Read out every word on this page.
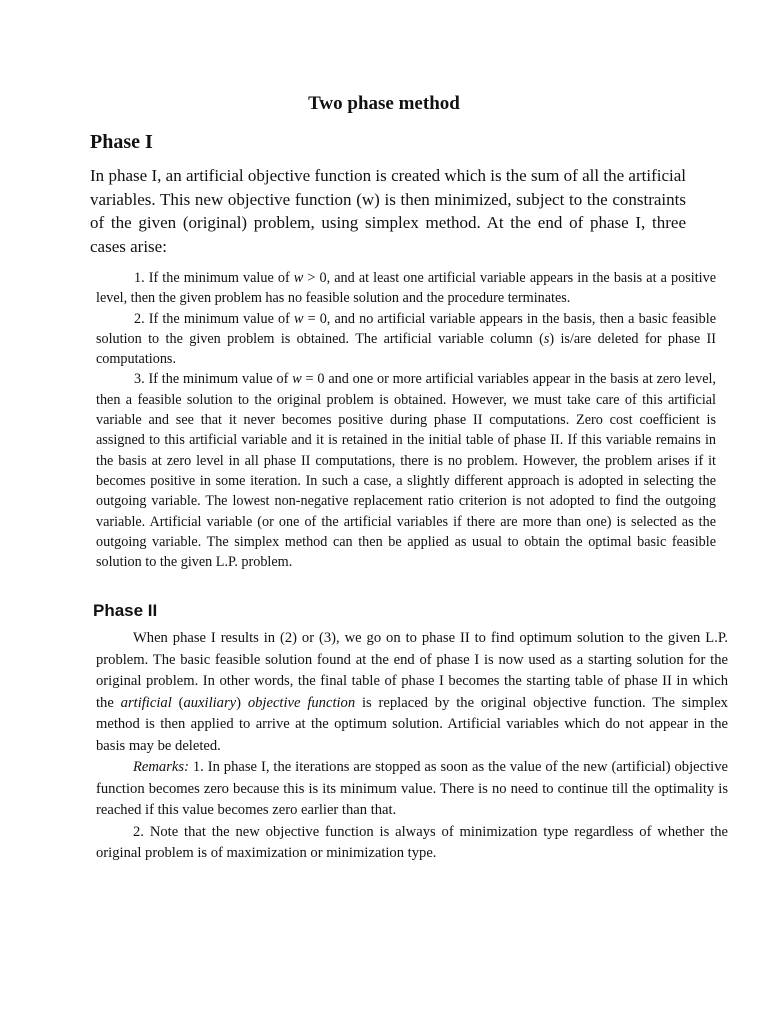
Two phase method
Phase I

In phase I, an artificial objective function is created which is the sum of all the artificial variables. This new objective function (w) is then minimized, subject to the constraints of the given (original) problem, using simplex method. At the end of phase I, three cases arise:

1. If the minimum value of w > 0, and at least one artificial variable appears in the basis at a positive level, then the given problem has no feasible solution and the procedure terminates.

2. If the minimum value of w = 0, and no artificial variable appears in the basis, then a basic feasible solution to the given problem is obtained. The artificial variable column (s) is/are deleted for phase II computations.

3. If the minimum value of w = 0 and one or more artificial variables appear in the basis at zero level, then a feasible solution to the original problem is obtained. However, we must take care of this artificial variable and see that it never becomes positive during phase II computations. Zero cost coefficient is assigned to this artificial variable and it is retained in the initial table of phase II. If this variable remains in the basis at zero level in all phase II computations, there is no problem. However, the problem arises if it becomes positive in some iteration. In such a case, a slightly different approach is adopted in selecting the outgoing variable. The lowest non-negative replacement ratio criterion is not adopted to find the outgoing variable. Artificial variable (or one of the artificial variables if there are more than one) is selected as the outgoing variable. The simplex method can then be applied as usual to obtain the optimal basic feasible solution to the given L.P. problem.

Phase II

When phase I results in (2) or (3), we go on to phase II to find optimum solution to the given L.P. problem. The basic feasible solution found at the end of phase I is now used as a starting solution for the original problem. In other words, the final table of phase I becomes the starting table of phase II in which the artificial (auxiliary) objective function is replaced by the original objective function. The simplex method is then applied to arrive at the optimum solution. Artificial variables which do not appear in the basis may be deleted.

Remarks: 1. In phase I, the iterations are stopped as soon as the value of the new (artificial) objective function becomes zero because this is its minimum value. There is no need to continue till the optimality is reached if this value becomes zero earlier than that.

2. Note that the new objective function is always of minimization type regardless of whether the original problem is of maximization or minimization type.
